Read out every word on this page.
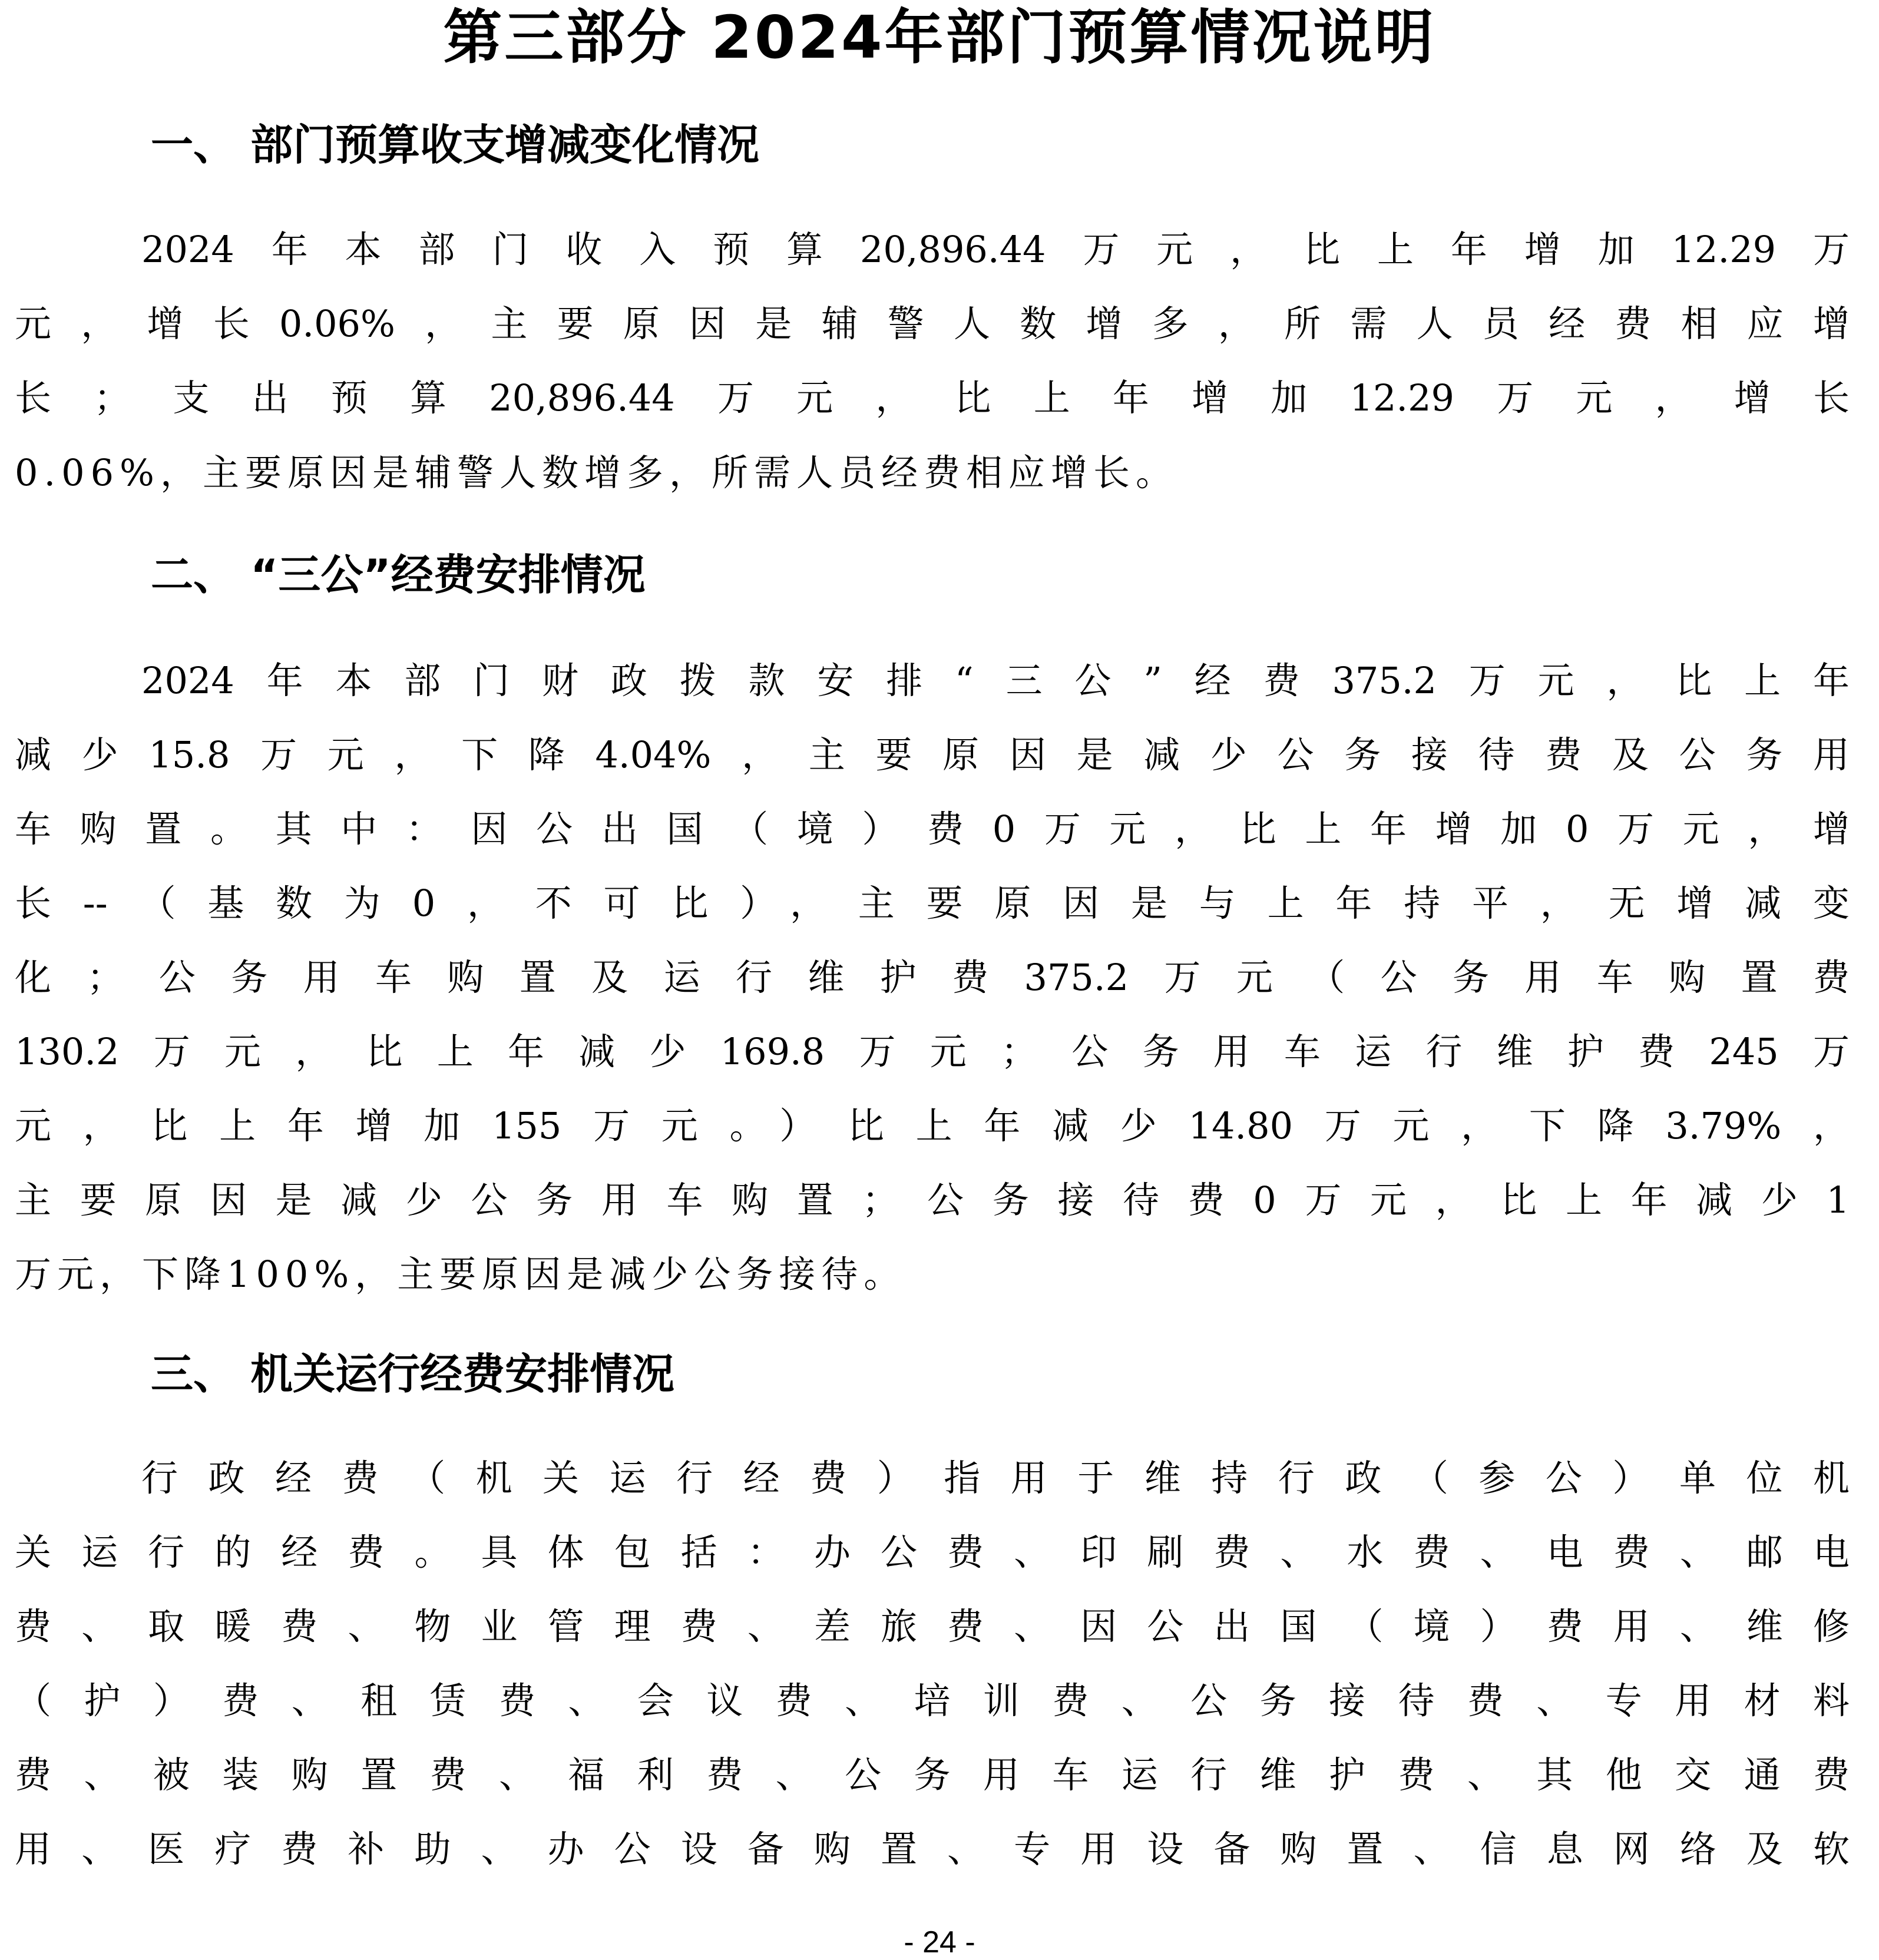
第三部分 2024年部门预算情况说明
一、 部门预算收支增减变化情况
2024年本部门收入预算20,896.44万元，比上年增加12.29万
元，增长0.06%，主要原因是辅警人数增多，所需人员经费相应增
长；支出预算20,896.44万元，比上年增加12.29万元，增长
0.06%，主要原因是辅警人数增多，所需人员经费相应增长。
二、 “三公”经费安排情况
2024年本部门财政拨款安排“三公”经费375.2万元，比上年
减少15.8万元，下降4.04%，主要原因是减少公务接待费及公务用
车购置。其中：因公出国（境）费0万元，比上年增加0万元，增
长--（基数为0，不可比），主要原因是与上年持平，无增减变
化；公务用车购置及运行维护费375.2万元（公务用车购置费
130.2万元，比上年减少169.8万元；公务用车运行维护费245万
元，比上年增加155万元。）比上年减少14.80万元，下降3.79%，
主要原因是减少公务用车购置；公务接待费0万元，比上年减少1
万元，下降100%，主要原因是减少公务接待。
三、 机关运行经费安排情况
行政经费（机关运行经费）指用于维持行政（参公）单位机
关运行的经费。具体包括：办公费、印刷费、水费、电费、邮电
费、取暖费、物业管理费、差旅费、因公出国（境）费用、维修
（护）费、租赁费、会议费、培训费、公务接待费、专用材料
费、被装购置费、福利费、公务用车运行维护费、其他交通费
用、医疗费补助、办公设备购置、专用设备购置、信息网络及软
- 24 -
